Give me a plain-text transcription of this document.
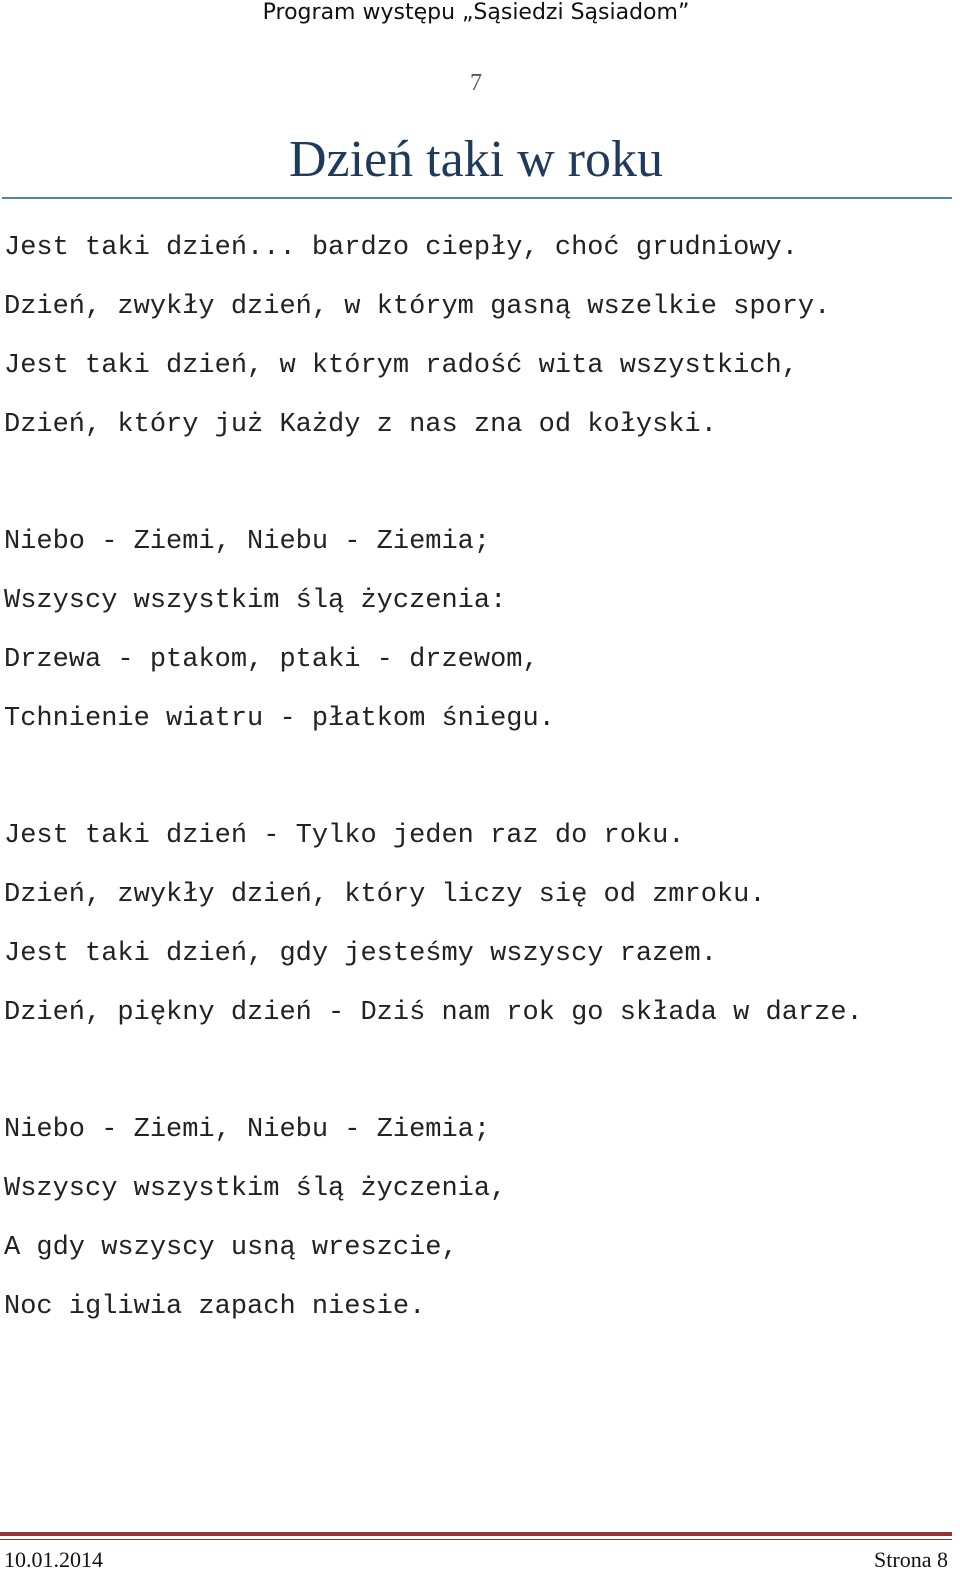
Program występu „Sąsiedzi Sąsiadom”
7
Dzień taki w roku
Jest taki dzień... bardzo ciepły, choć grudniowy.
Dzień, zwykły dzień, w którym gasną wszelkie spory.
Jest taki dzień, w którym radość wita wszystkich,
Dzień, który już Każdy z nas zna od kołyski.
Niebo - Ziemi, Niebu - Ziemia;
Wszyscy wszystkim ślą życzenia:
Drzewa - ptakom, ptaki - drzewom,
Tchnienie wiatru - płatkom śniegu.
Jest taki dzień - Tylko jeden raz do roku.
Dzień, zwykły dzień, który liczy się od zmroku.
Jest taki dzień, gdy jesteśmy wszyscy razem.
Dzień, piękny dzień - Dziś nam rok go składa w darze.
Niebo - Ziemi, Niebu - Ziemia;
Wszyscy wszystkim ślą życzenia,
A gdy wszyscy usną wreszcie,
Noc igliwia zapach niesie.
10.01.2014	Strona 8
